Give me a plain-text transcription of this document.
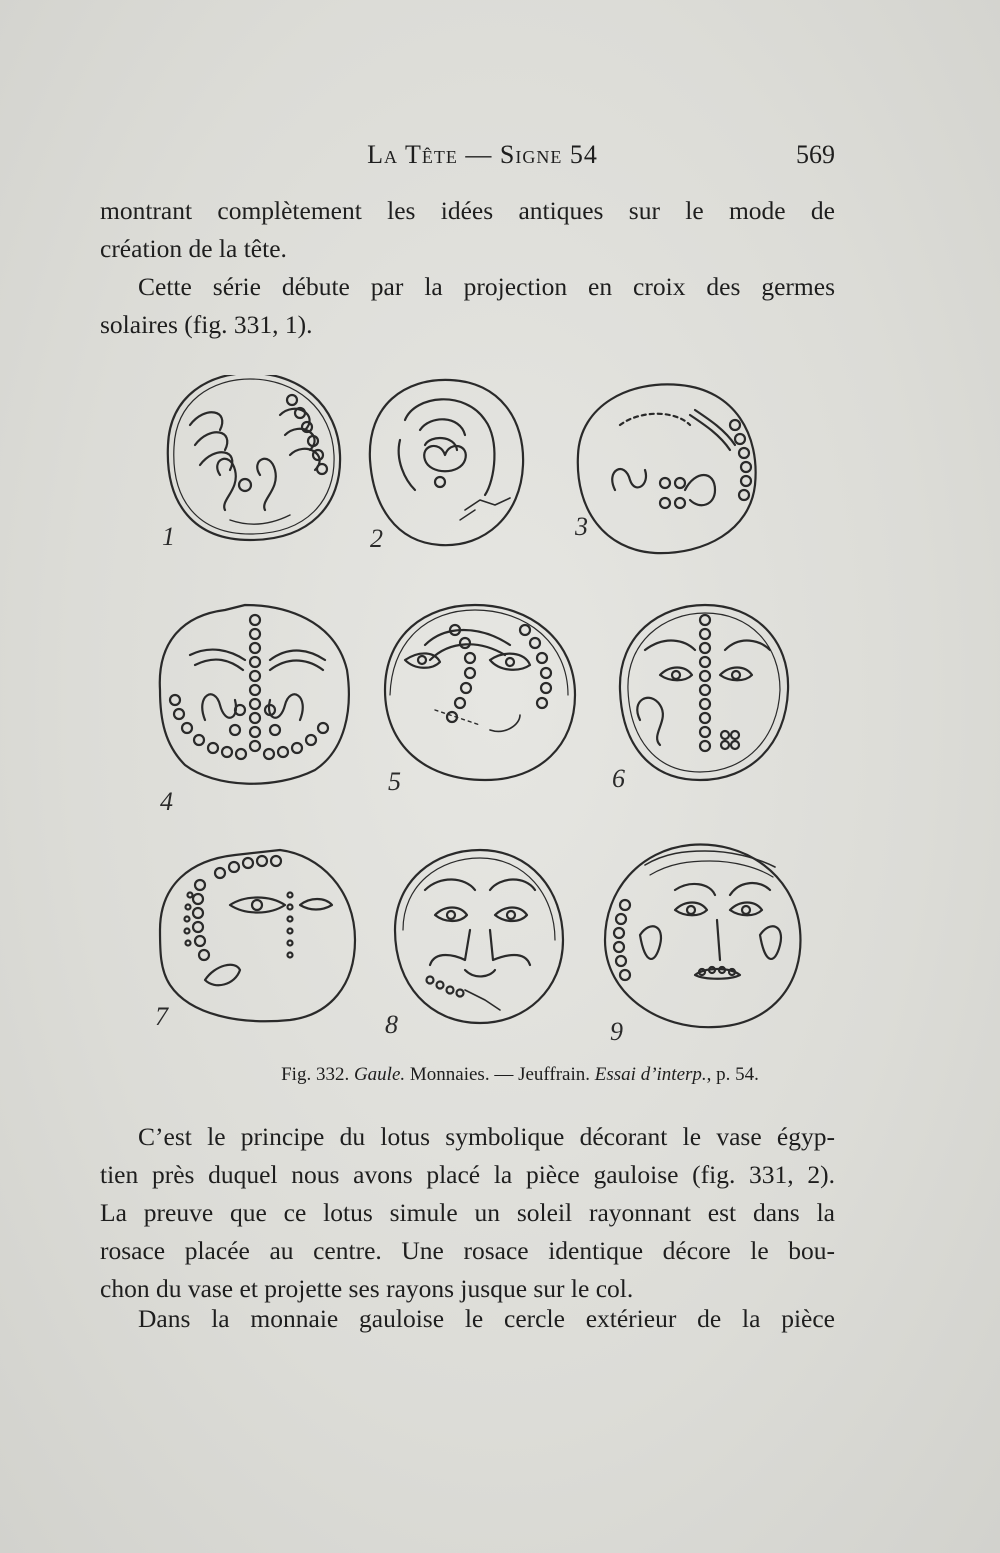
La Tête — Signe 54	569

montrant complètement les idées antiques sur le mode de
création de la tête.

Cette série débute par la projection en croix des germes
solaires (fig. 331, 1).

1	2	3
4
5	6
7	8	9
Fig. 332. Gaule. Monnaies. — Jeuffrain. Essai d’interp., p. 54.

C’est le principe du lotus symbolique décorant le vase égyp-
tien près duquel nous avons placé la pièce gauloise (fig. 331, 2).
La preuve que ce lotus simule un soleil rayonnant est dans la
rosace placée au centre. Une rosace identique décore le bou-
chon du vase et projette ses rayons jusque sur le col.

Dans la monnaie gauloise le cercle extérieur de la pièce
